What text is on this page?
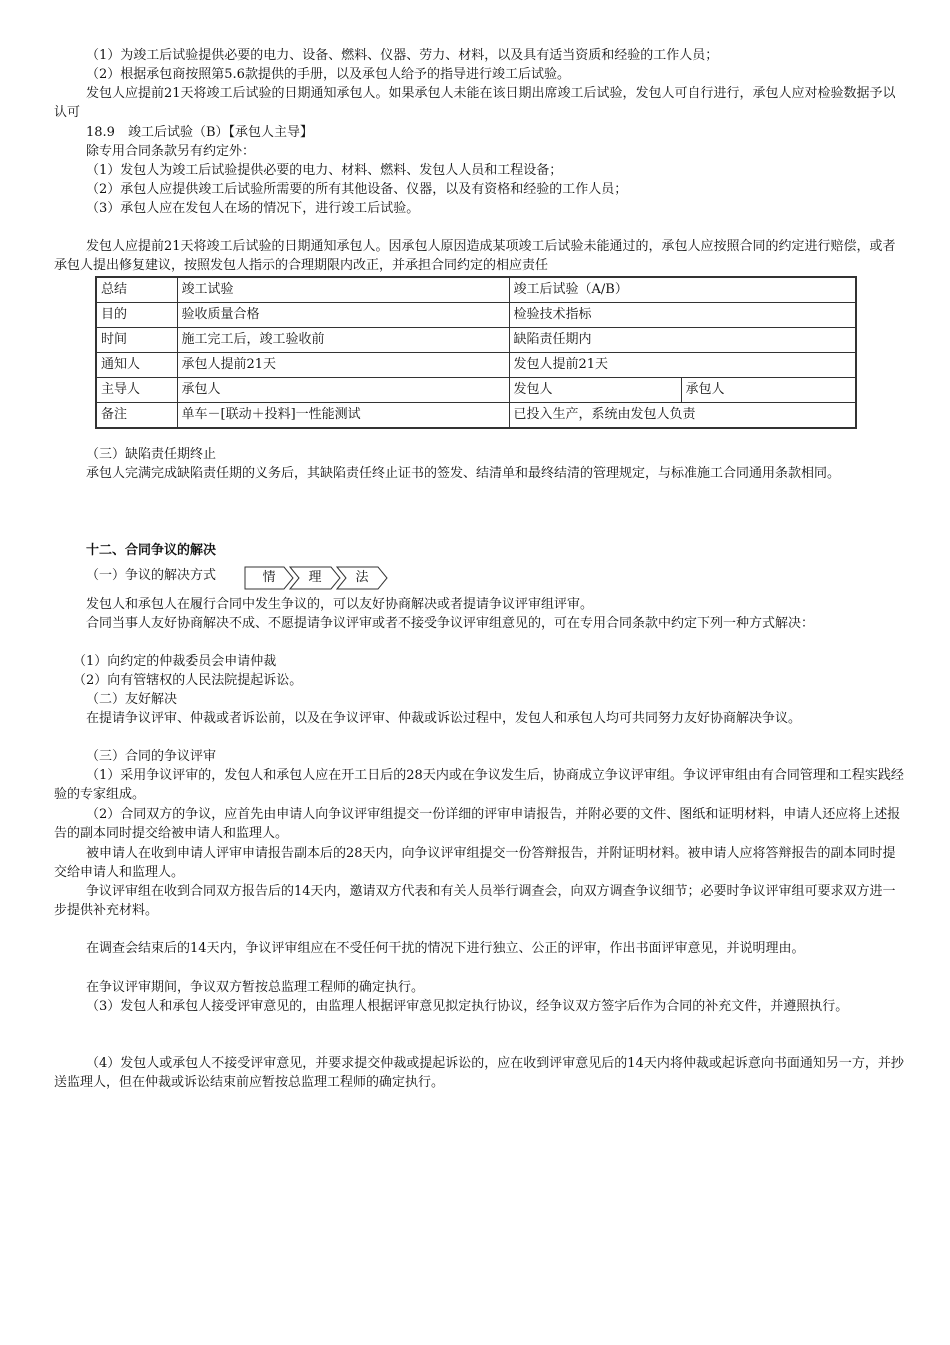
（1）为竣工后试验提供必要的电力、设备、燃料、仪器、劳力、材料，以及具有适当资质和经验的工作人员；

（2）根据承包商按照第5.6款提供的手册，以及承包人给予的指导进行竣工后试验。

发包人应提前21天将竣工后试验的日期通知承包人。如果承包人未能在该日期出席竣工后试验，发包人可自行进行，承包人应对检验数据予以认可

18.9　竣工后试验（B）【承包人主导】

除专用合同条款另有约定外：

（1）发包人为竣工后试验提供必要的电力、材料、燃料、发包人人员和工程设备；

（2）承包人应提供竣工后试验所需要的所有其他设备、仪器，以及有资格和经验的工作人员；

（3）承包人应在发包人在场的情况下，进行竣工后试验。

发包人应提前21天将竣工后试验的日期通知承包人。因承包人原因造成某项竣工后试验未能通过的，承包人应按照合同的约定进行赔偿，或者承包人提出修复建议，按照发包人指示的合理期限内改正，并承担合同约定的相应责任

总结	竣工试验	竣工后试验（A/B）	
目的	验收质量合格	检验技术指标	
时间	施工完工后，竣工验收前	缺陷责任期内	
通知人	承包人提前21天	发包人提前21天	
主导人	承包人	发包人	承包人
备注	单车－[联动＋投料]一性能测试	已投入生产，系统由发包人负责	

（三）缺陷责任期终止

承包人完满完成缺陷责任期的义务后，其缺陷责任终止证书的签发、结清单和最终结清的管理规定，与标准施工合同通用条款相同。

十二、合同争议的解决

（一）争议的解决方式	情	理	法

发包人和承包人在履行合同中发生争议的，可以友好协商解决或者提请争议评审组评审。

合同当事人友好协商解决不成、不愿提请争议评审或者不接受争议评审组意见的，可在专用合同条款中约定下列一种方式解决：

（1）向约定的仲裁委员会申请仲裁

（2）向有管辖权的人民法院提起诉讼。

（二）友好解决

在提请争议评审、仲裁或者诉讼前，以及在争议评审、仲裁或诉讼过程中，发包人和承包人均可共同努力友好协商解决争议。

（三）合同的争议评审

（1）采用争议评审的，发包人和承包人应在开工日后的28天内或在争议发生后，协商成立争议评审组。争议评审组由有合同管理和工程实践经验的专家组成。

（2）合同双方的争议，应首先由申请人向争议评审组提交一份详细的评审申请报告，并附必要的文件、图纸和证明材料，申请人还应将上述报告的副本同时提交给被申请人和监理人。

被申请人在收到申请人评审申请报告副本后的28天内，向争议评审组提交一份答辩报告，并附证明材料。被申请人应将答辩报告的副本同时提交给申请人和监理人。

争议评审组在收到合同双方报告后的14天内，邀请双方代表和有关人员举行调查会，向双方调查争议细节；必要时争议评审组可要求双方进一步提供补充材料。

在调查会结束后的14天内，争议评审组应在不受任何干扰的情况下进行独立、公正的评审，作出书面评审意见，并说明理由。

在争议评审期间，争议双方暂按总监理工程师的确定执行。

（3）发包人和承包人接受评审意见的，由监理人根据评审意见拟定执行协议，经争议双方签字后作为合同的补充文件，并遵照执行。

（4）发包人或承包人不接受评审意见，并要求提交仲裁或提起诉讼的，应在收到评审意见后的14天内将仲裁或起诉意向书面通知另一方，并抄送监理人，但在仲裁或诉讼结束前应暂按总监理工程师的确定执行。
